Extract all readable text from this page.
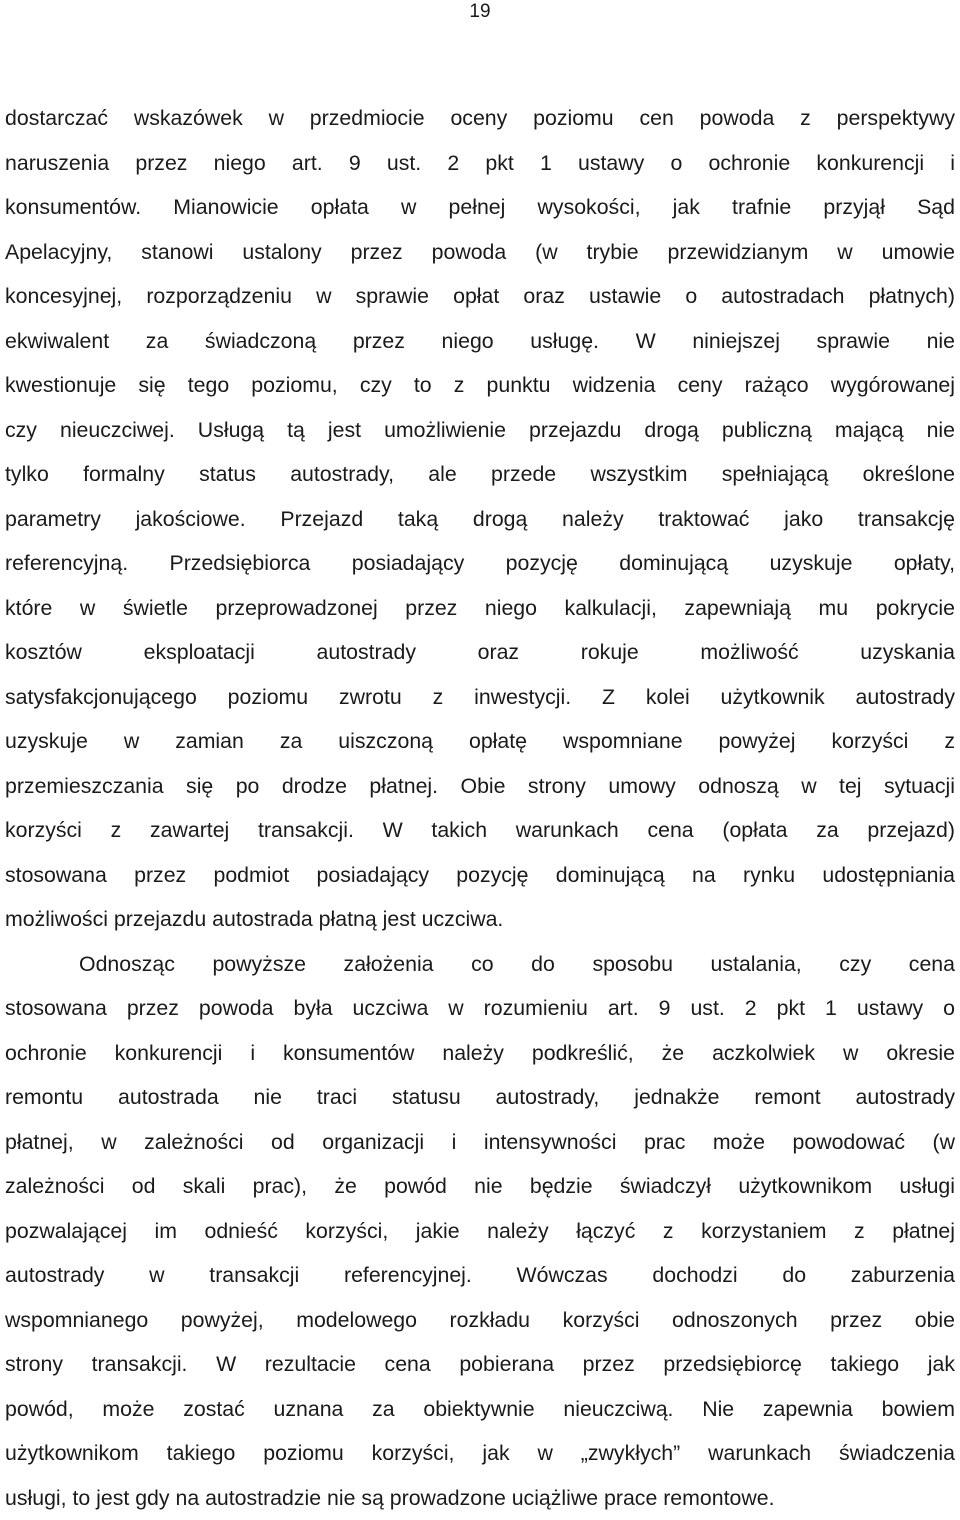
19
dostarczać wskazówek w przedmiocie oceny poziomu cen powoda z perspektywy
naruszenia przez niego art. 9 ust. 2 pkt 1 ustawy o ochronie konkurencji i
konsumentów. Mianowicie opłata w pełnej wysokości, jak trafnie przyjął Sąd
Apelacyjny, stanowi ustalony przez powoda (w trybie przewidzianym w umowie
koncesyjnej, rozporządzeniu w sprawie opłat oraz ustawie o autostradach płatnych)
ekwiwalent za świadczoną przez niego usługę. W niniejszej sprawie nie
kwestionuje się tego poziomu, czy to z punktu widzenia ceny rażąco wygórowanej
czy nieuczciwej. Usługą tą jest umożliwienie przejazdu drogą publiczną mającą nie
tylko formalny status autostrady, ale przede wszystkim spełniającą określone
parametry jakościowe. Przejazd taką drogą należy traktować jako transakcję
referencyjną. Przedsiębiorca posiadający pozycję dominującą uzyskuje opłaty,
które w świetle przeprowadzonej przez niego kalkulacji, zapewniają mu pokrycie
kosztów eksploatacji autostrady oraz rokuje możliwość uzyskania
satysfakcjonującego poziomu zwrotu z inwestycji. Z kolei użytkownik autostrady
uzyskuje w zamian za uiszczoną opłatę wspomniane powyżej korzyści z
przemieszczania się po drodze płatnej. Obie strony umowy odnoszą w tej sytuacji
korzyści z zawartej transakcji. W takich warunkach cena (opłata za przejazd)
stosowana przez podmiot posiadający pozycję dominującą na rynku udostępniania
możliwości przejazdu autostrada płatną jest uczciwa.
Odnosząc powyższe założenia co do sposobu ustalania, czy cena
stosowana przez powoda była uczciwa w rozumieniu art. 9 ust. 2 pkt 1 ustawy o
ochronie konkurencji i konsumentów należy podkreślić, że aczkolwiek w okresie
remontu autostrada nie traci statusu autostrady, jednakże remont autostrady
płatnej, w zależności od organizacji i intensywności prac może powodować (w
zależności od skali prac), że powód nie będzie świadczył użytkownikom usługi
pozwalającej im odnieść korzyści, jakie należy łączyć z korzystaniem z płatnej
autostrady w transakcji referencyjnej. Wówczas dochodzi do zaburzenia
wspomnianego powyżej, modelowego rozkładu korzyści odnoszonych przez obie
strony transakcji. W rezultacie cena pobierana przez przedsiębiorcę takiego jak
powód, może zostać uznana za obiektywnie nieuczciwą. Nie zapewnia bowiem
użytkownikom takiego poziomu korzyści, jak w „zwykłych” warunkach świadczenia
usługi, to jest gdy na autostradzie nie są prowadzone uciążliwe prace remontowe.
